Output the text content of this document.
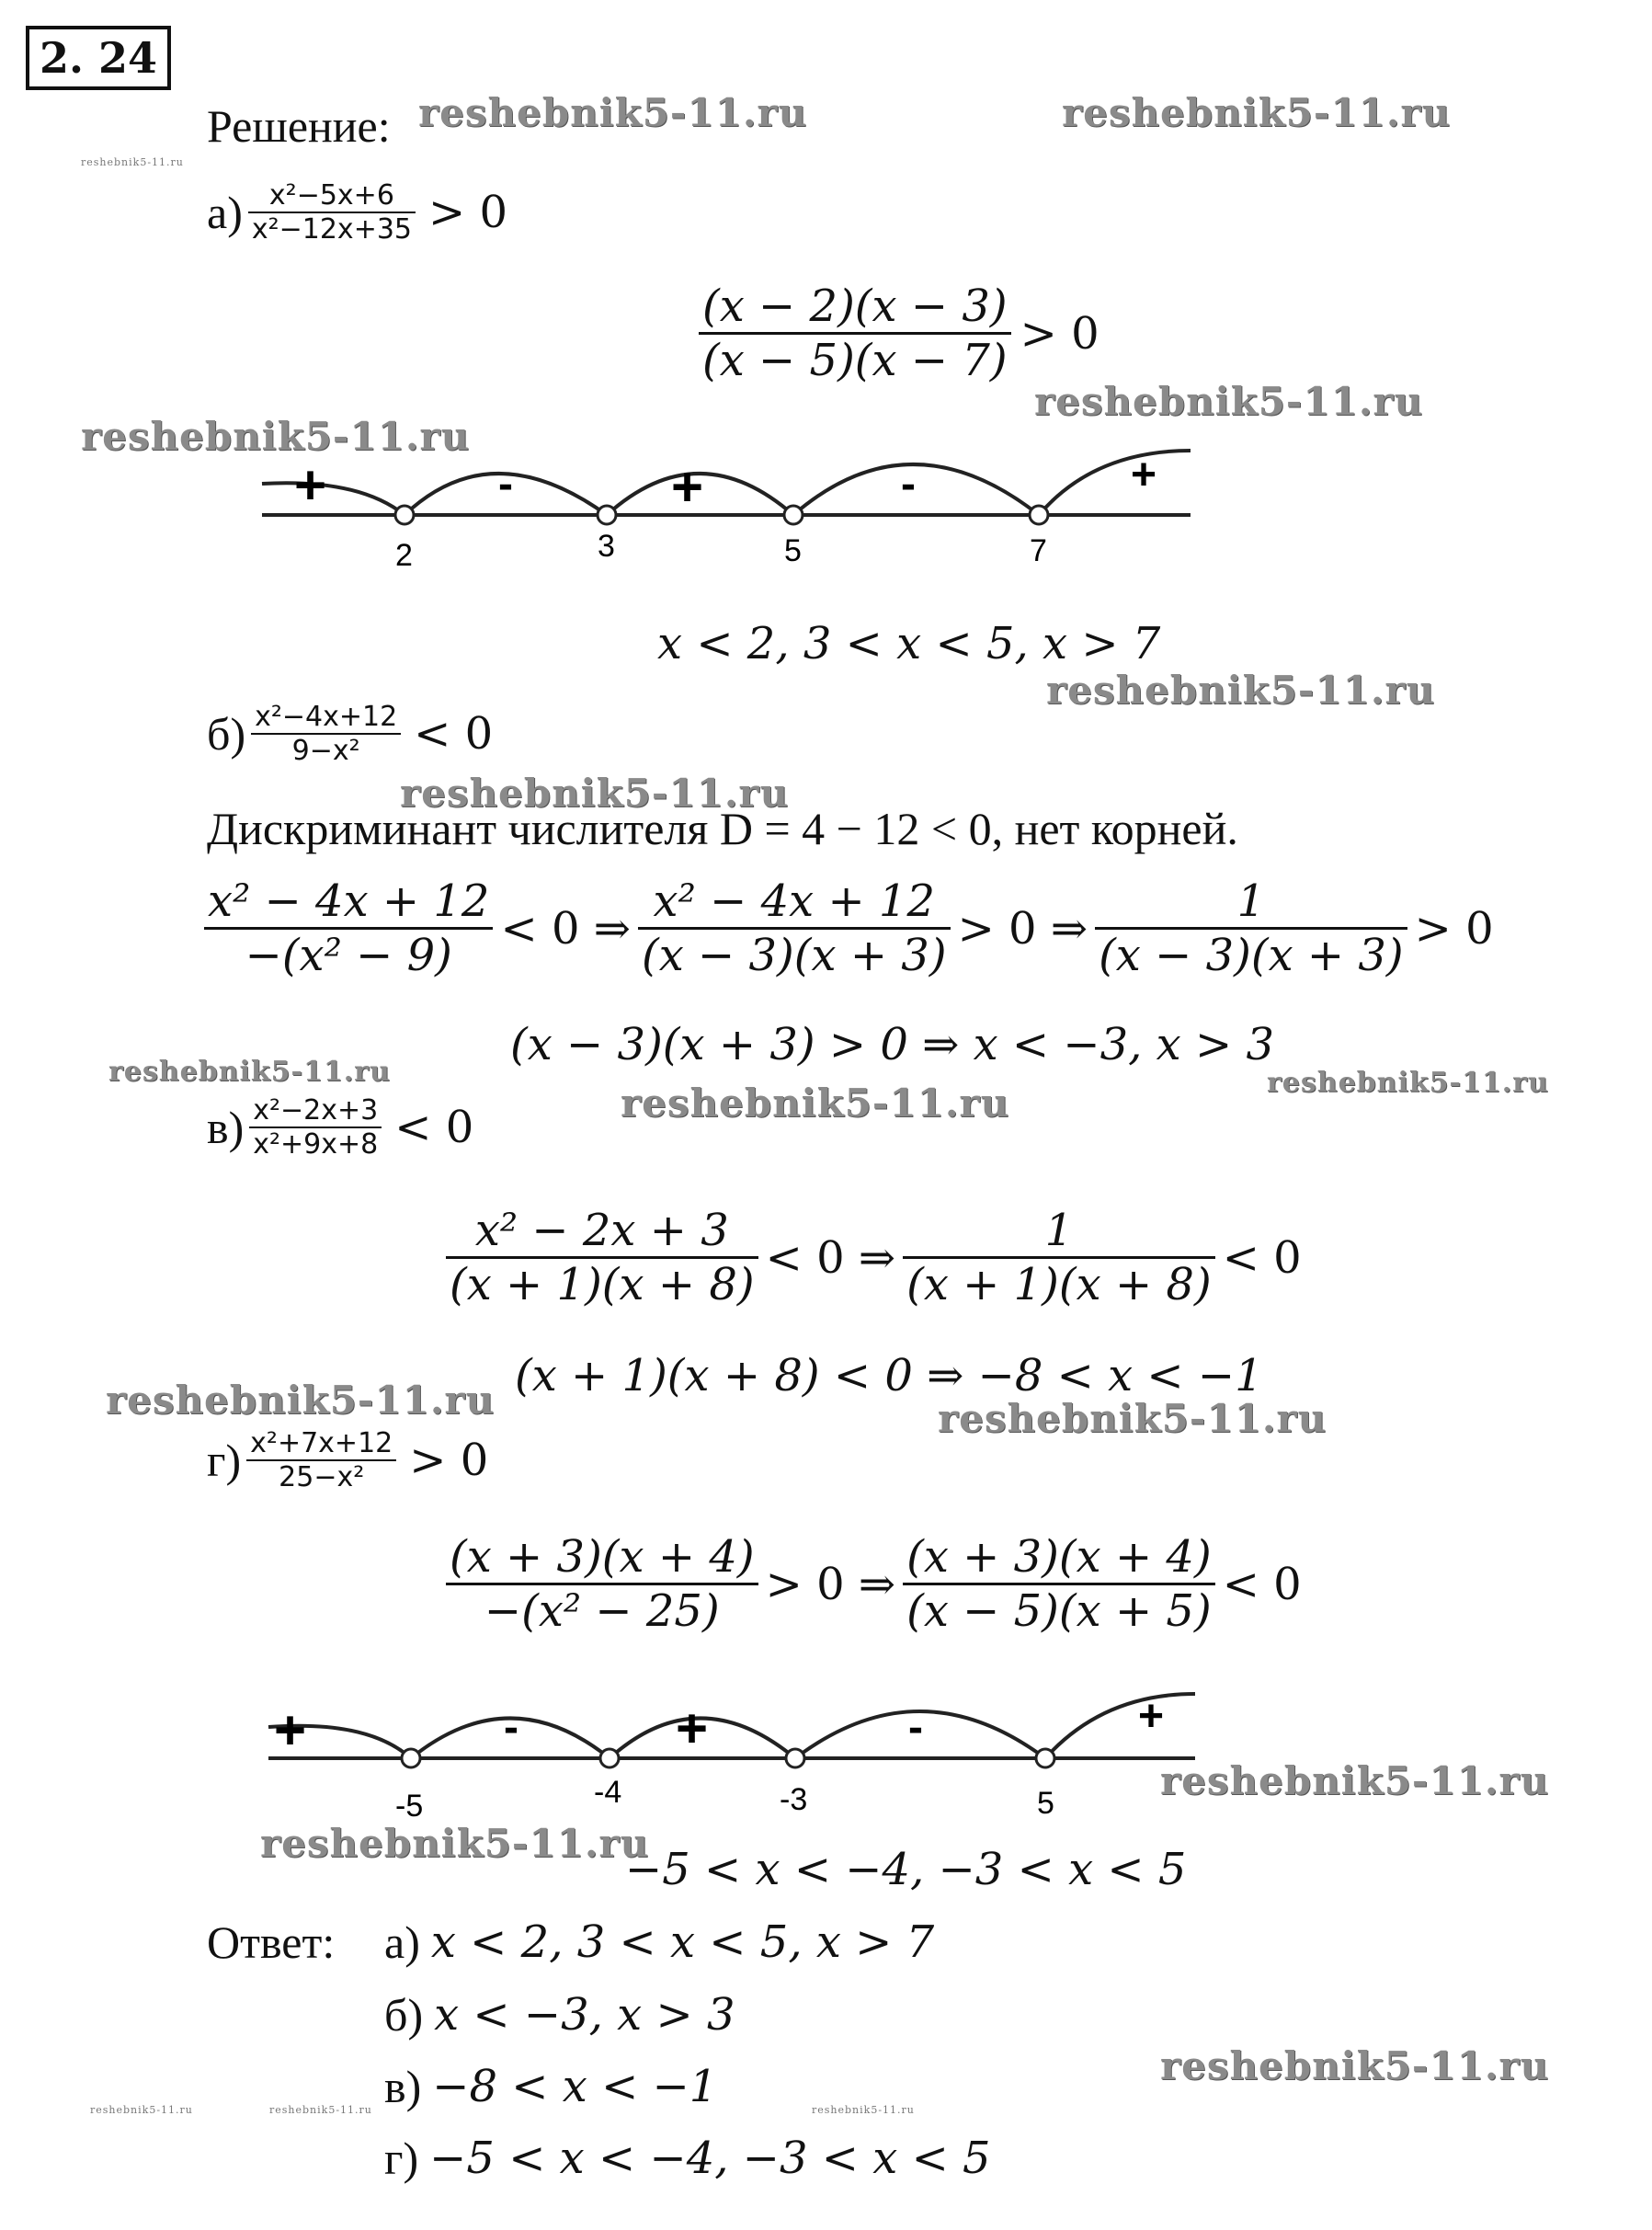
2. 24
Решение: reshebnik5-11.ru	reshebnik5-11.ru
reshebnik5-11.ru
reshebnik5-11.ru
reshebnik5-11.ru
reshebnik5-11.ru
reshebnik5-11.ru
reshebnik5-11.ru
reshebnik5-11.ru	reshebnik5-11.ru
reshebnik5-11.ru	reshebnik5-11.ru
reshebnik5-11.ru
reshebnik5-11.ru
reshebnik5-11.ru
reshebnik5-11.ru	reshebnik5-11.ru	reshebnik5-11.ru
$а) \frac{\text{x²−5x+6}}{\text{x²−12x+35}} > 0$
$\frac{(x - 2)(x - 3)}{(x - 5)(x - 7)} > 0$
+	-	+	-	+
2	3	5	7
x < 2, 3 < x < 5, x > 7
$б) \frac{\text{x²−4x+12}}{\text{9−x²}} < 0$
Дискриминант числителя D = 4 − 12 < 0, нет корней.
$\frac{\text{x² − 4x + 12}}{\text{−(x² − 9)}} < 0$ ⇒ $\frac{\text{x² − 4x + 12}}{(x - 3)(x + 3)} > 0$ ⇒ $\frac{1}{(x - 3)(x + 3)} > 0$
(x − 3)(x + 3) > 0 ⇒ x < −3, x > 3
$в) \frac{\text{x²−2x+3}}{\text{x²+9x+8}} < 0$
$\frac{\text{x² − 2x + 3}}{(x + 1)(x + 8)} < 0$ ⇒ $\frac{1}{(x + 1)(x + 8)} < 0$
(x + 1)(x + 8) < 0 ⇒ −8 < x < −1
$г) \frac{\text{x²+7x+12}}{\text{25−x²}} > 0$
$\frac{(x + 3)(x + 4)}{\text{−(x² − 25)}} > 0$ ⇒ $\frac{(x + 3)(x + 4)}{(x - 5)(x + 5)} < 0$
+	-	+	-	+
-5	-4	-3	5
−5 < x < −4, −3 < x < 5
Ответ: а) x < 2, 3 < x < 5, x > 7
б) x < −3, x > 3
в) −8 < x < −1
г) −5 < x < −4, −3 < x < 5
